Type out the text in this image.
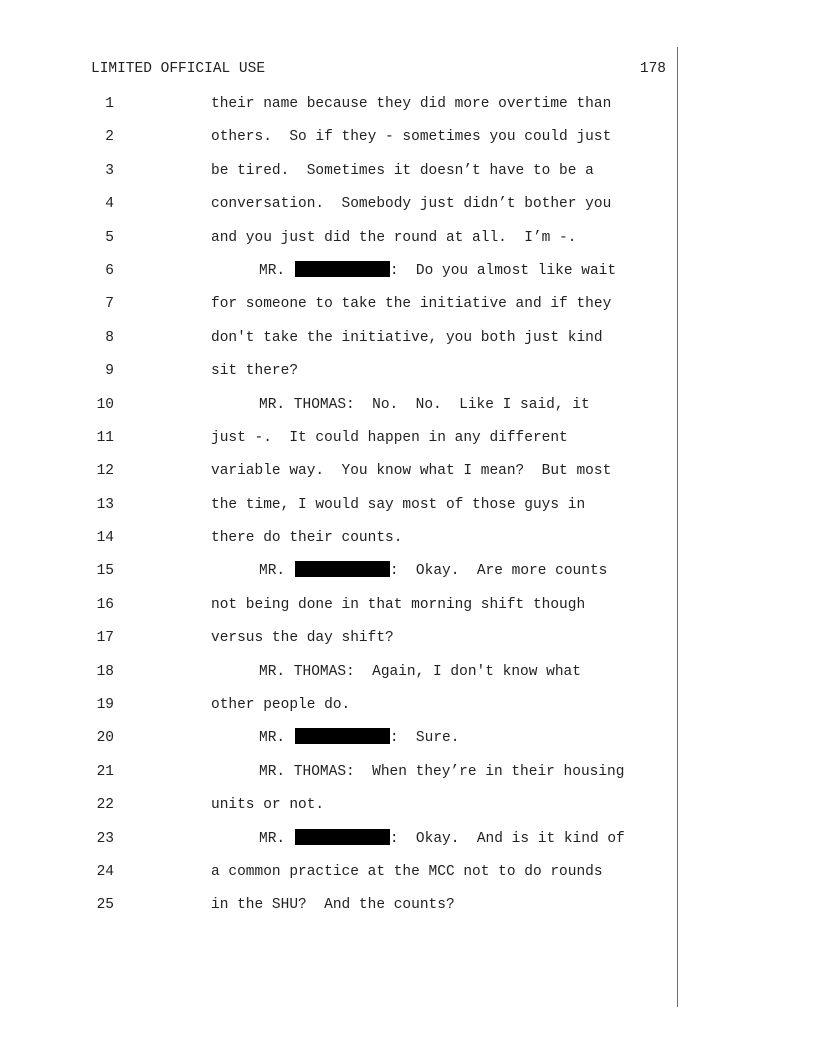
LIMITED OFFICIAL USE	178
1	their name because they did more overtime than
2	others.  So if they - sometimes you could just
3	be tired.  Sometimes it doesn’t have to be a
4	conversation.  Somebody just didn’t bother you
5	and you just did the round at all.  I’m -.
6	MR.	:  Do you almost like wait
7	for someone to take the initiative and if they
8	don't take the initiative, you both just kind
9	sit there?
10	MR. THOMAS:  No.  No.  Like I said, it
11	just -.  It could happen in any different
12	variable way.  You know what I mean?  But most
13	the time, I would say most of those guys in
14	there do their counts.
15	MR.	:  Okay.  Are more counts
16	not being done in that morning shift though
17	versus the day shift?
18	MR. THOMAS:  Again, I don't know what
19	other people do.
20	MR.	:  Sure.
21	MR. THOMAS:  When they’re in their housing
22	units or not.
23	MR.	:  Okay.  And is it kind of
24	a common practice at the MCC not to do rounds
25	in the SHU?  And the counts?
